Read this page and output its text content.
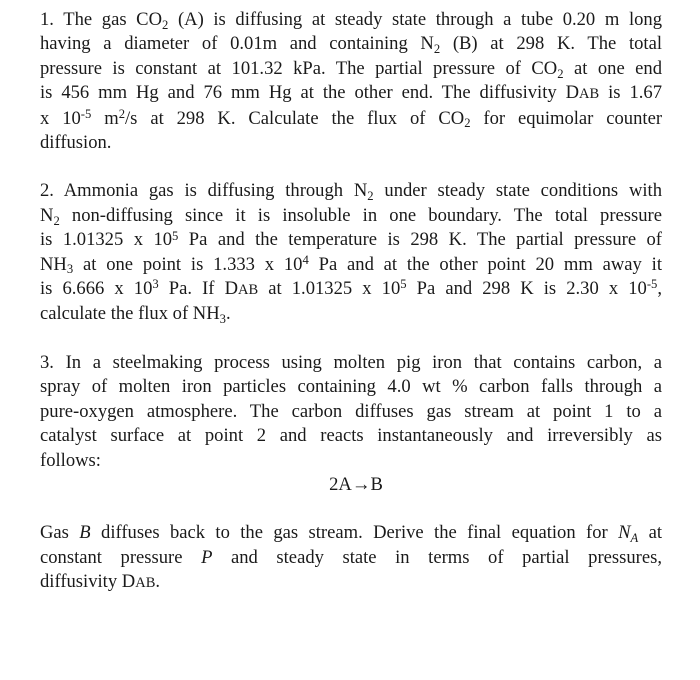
1. The gas $CO_2$ (A) is diffusing at steady state through a tube 0.20 m long
having a diameter of 0.01m and containing $N_2$ (B) at 298 K. The total
pressure is constant at 101.32 kPa. The partial pressure of $CO_2$ at one end
is 456 mm Hg and 76 mm Hg at the other end. The diffusivity DAB is 1.67
x $10^{-5}$ $m^2/s$ at 298 K. Calculate the flux of $CO_2$ for equimolar counter
diffusion.
2. Ammonia gas is diffusing through $N_2$ under steady state conditions with
$N_2$ non-diffusing since it is insoluble in one boundary. The total pressure
is 1.01325 x $10^5$ Pa and the temperature is 298 K. The partial pressure of
$NH_3$ at one point is 1.333 x $10^4$ Pa and at the other point 20 mm away it
is 6.666 x $10^3$ Pa. If DAB at 1.01325 x $10^5$ Pa and 298 K is 2.30 x $10^{-5}$,
calculate the flux of $NH_3$.
3. In a steelmaking process using molten pig iron that contains carbon, a
spray of molten iron particles containing 4.0 wt % carbon falls through a
pure-oxygen atmosphere. The carbon diffuses gas stream at point 1 to a
catalyst surface at point 2 and reacts instantaneously and irreversibly as
follows:
2A→B
Gas B diffuses back to the gas stream. Derive the final equation for $N_A$ at
constant pressure P and steady state in terms of partial pressures,
diffusivity DAB.
